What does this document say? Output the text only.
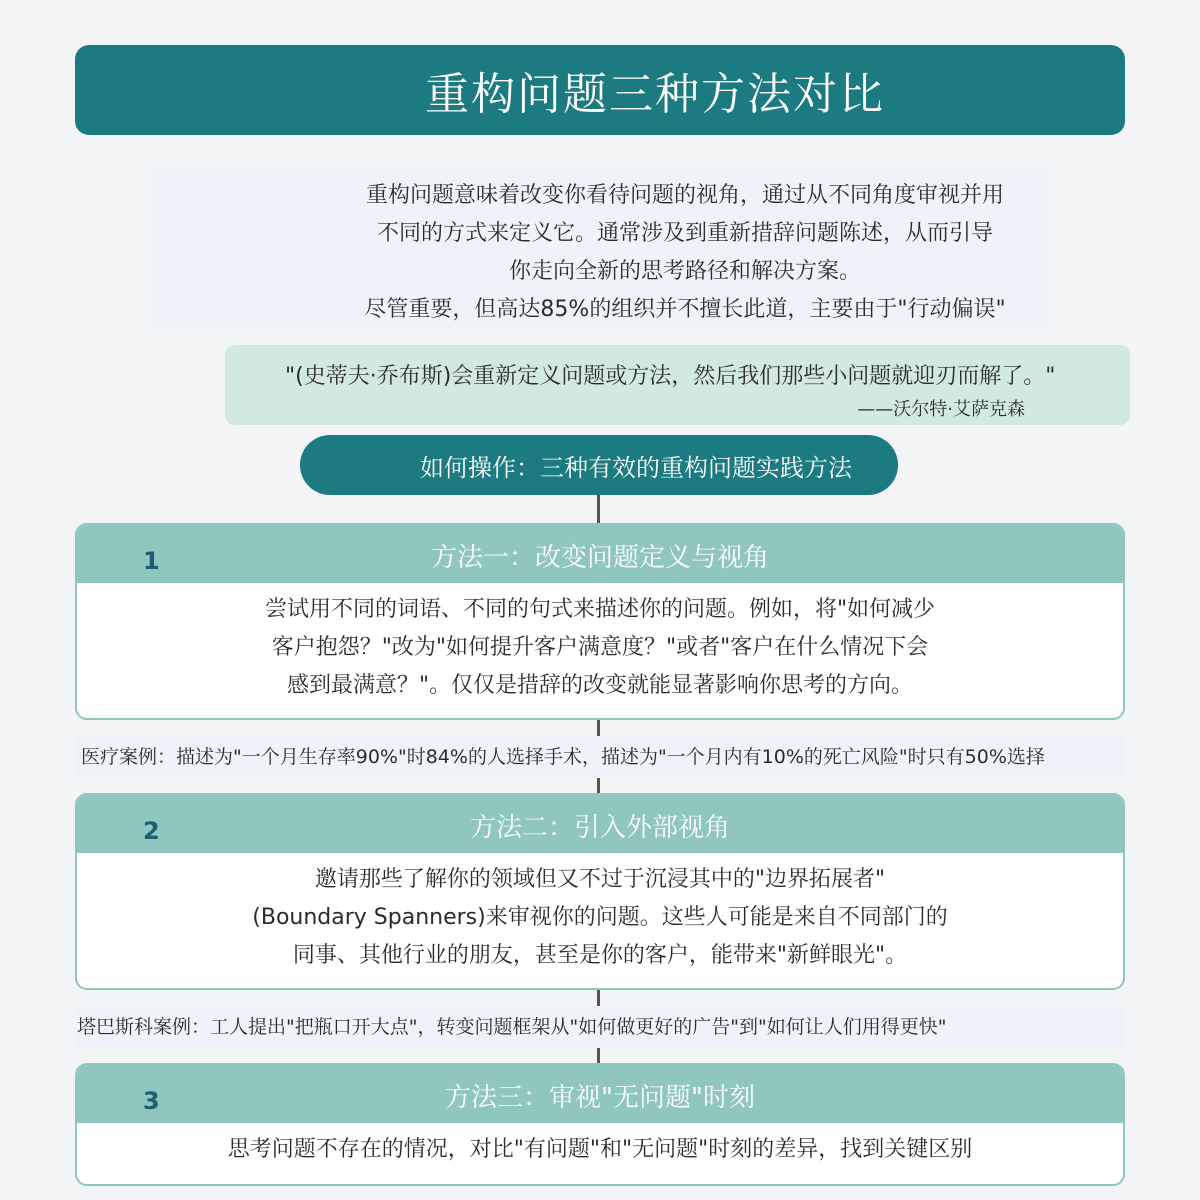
重构问题三种方法对比
重构问题意味着改变你看待问题的视角，通过从不同角度审视并用
不同的方式来定义它。通常涉及到重新措辞问题陈述，从而引导
你走向全新的思考路径和解决方案。
尽管重要，但高达85%的组织并不擅长此道，主要由于"行动偏误"
"(史蒂夫·乔布斯)会重新定义问题或方法，然后我们那些小问题就迎刃而解了。"
——沃尔特·艾萨克森
如何操作：三种有效的重构问题实践方法
1	方法一：改变问题定义与视角
尝试用不同的词语、不同的句式来描述你的问题。例如，将"如何减少
客户抱怨？"改为"如何提升客户满意度？"或者"客户在什么情况下会
感到最满意？"。仅仅是措辞的改变就能显著影响你思考的方向。
医疗案例：描述为"一个月生存率90%"时84%的人选择手术，描述为"一个月内有10%的死亡风险"时只有50%选择
2	方法二：引入外部视角
邀请那些了解你的领域但又不过于沉浸其中的"边界拓展者"
(Boundary Spanners)来审视你的问题。这些人可能是来自不同部门的
同事、其他行业的朋友，甚至是你的客户，能带来"新鲜眼光"。
塔巴斯科案例：工人提出"把瓶口开大点"，转变问题框架从"如何做更好的广告"到"如何让人们用得更快"
3	方法三：审视"无问题"时刻
思考问题不存在的情况，对比"有问题"和"无问题"时刻的差异，找到关键区别
